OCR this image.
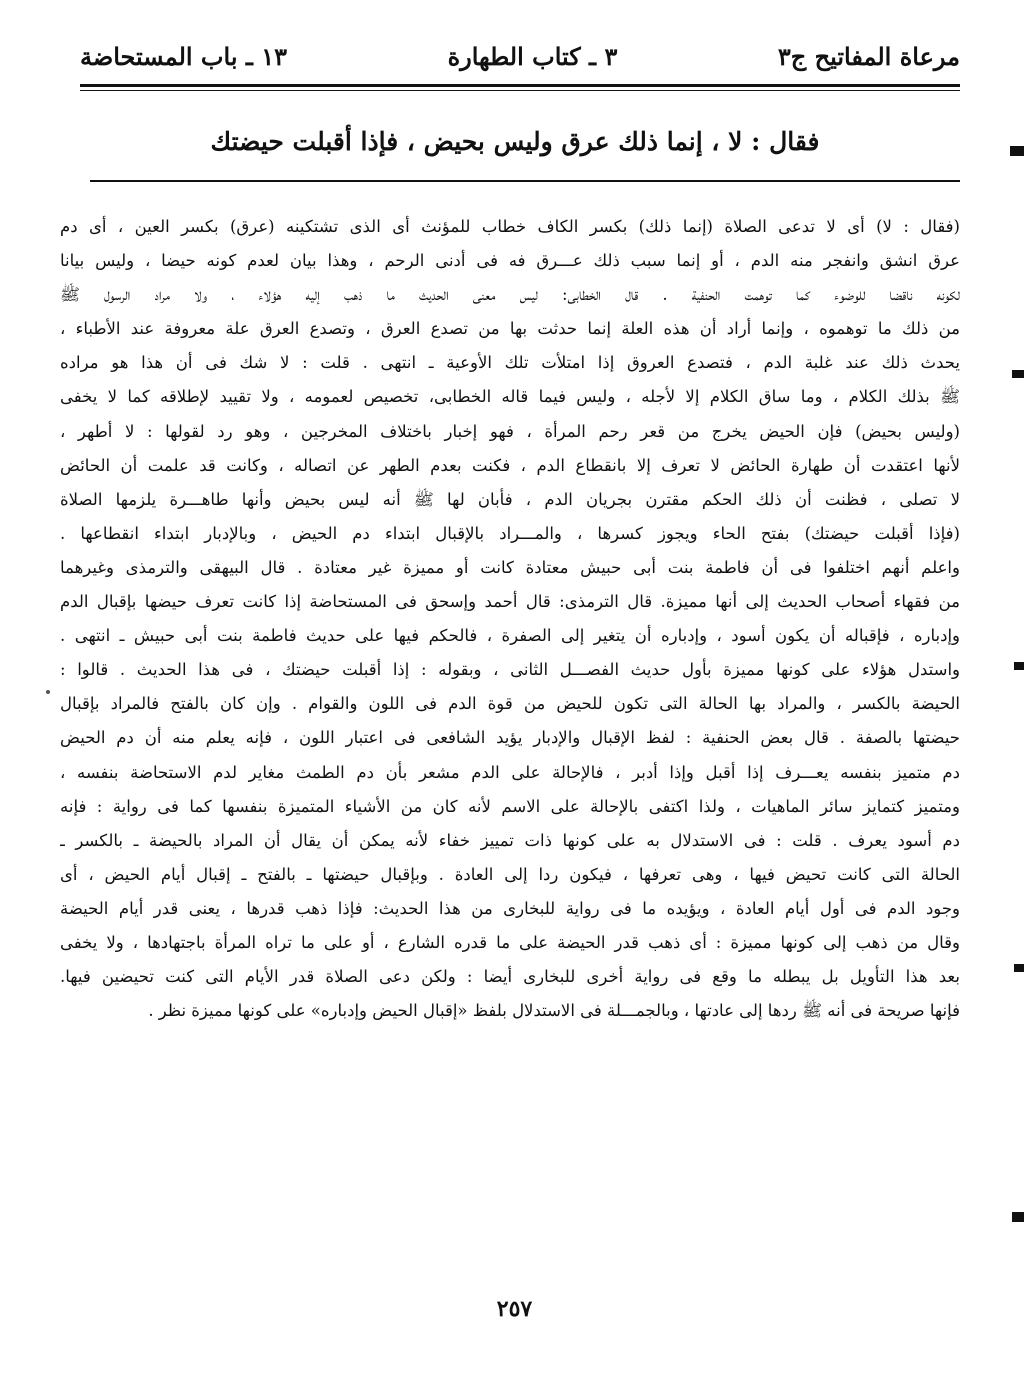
مرعاة المفاتيح ج٣
٣ ـ كتاب الطهارة
١٣ ـ باب المستحاضة
فقال : لا ، إنما ذلك عرق وليس بحيض ، فإذا أقبلت حيضتك
(فقال : لا) أى لا تدعى الصلاة (إنما ذلك) بكسر الكاف خطاب للمؤنث أى الذى تشتكينه (عرق) بكسر العين ، أى دم
عرق انشق وانفجر منه الدم ، أو إنما سبب ذلك عـــرق فه فى أدنى الرحم ، وهذا بيان لعدم كونه حيضا ، وليس بيانا
لكونه ناقضا للوضوء كما توهمت الحنفية . قال الخطابى: ليس معنى الحديث ما ذهب إليه هؤلاء ، ولا مراد الرسول ﷺ
من ذلك ما توهموه ، وإنما أراد أن هذه العلة إنما حدثت بها من تصدع العرق ، وتصدع العرق علة معروفة عند الأطباء ،
يحدث ذلك عند غلبة الدم ، فتصدع العروق إذا امتلأت تلك الأوعية ـ انتهى . قلت : لا شك فى أن هذا هو مراده
ﷺ بذلك الكلام ، وما ساق الكلام إلا لأجله ، وليس فيما قاله الخطابى، تخصيص لعمومه ، ولا تقييد لإطلاقه كما لا يخفى
(وليس بحيض) فإن الحيض يخرج من قعر رحم المرأة ، فهو إخبار باختلاف المخرجين ، وهو رد لقولها : لا أطهر ،
لأنها اعتقدت أن طهارة الحائض لا تعرف إلا بانقطاع الدم ، فكنت بعدم الطهر عن اتصاله ، وكانت قد علمت أن الحائض
لا تصلى ، فظنت أن ذلك الحكم مقترن بجريان الدم ، فأبان لها ﷺ أنه ليس بحيض وأنها طاهـــرة يلزمها الصلاة
(فإذا أقبلت حيضتك) بفتح الحاء ويجوز كسرها ، والمـــراد بالإقبال ابتداء دم الحيض ، وبالإدبار ابتداء انقطاعها .
واعلم أنهم اختلفوا فى أن فاطمة بنت أبى حبيش معتادة كانت أو مميزة غير معتادة . قال البيهقى والترمذى وغيرهما
من فقهاء أصحاب الحديث إلى أنها مميزة. قال الترمذى: قال أحمد وإسحق فى المستحاضة إذا كانت تعرف حيضها بإقبال الدم
وإدباره ، فإقباله أن يكون أسود ، وإدباره أن يتغير إلى الصفرة ، فالحكم فيها على حديث فاطمة بنت أبى حبيش ـ انتهى .
واستدل هؤلاء على كونها مميزة بأول حديث الفصـــل الثانى ، وبقوله : إذا أقبلت حيضتك ، فى هذا الحديث . قالوا :
الحيضة بالكسر ، والمراد بها الحالة التى تكون للحيض من قوة الدم فى اللون والقوام . وإن كان بالفتح فالمراد بإقبال
حيضتها بالصفة . قال بعض الحنفية : لفظ الإقبال والإدبار يؤيد الشافعى فى اعتبار اللون ، فإنه يعلم منه أن دم الحيض
دم متميز بنفسه يعـــرف إذا أقبل وإذا أدبر ، فالإحالة على الدم مشعر بأن دم الطمث مغاير لدم الاستحاضة بنفسه ،
ومتميز كتمايز سائر الماهيات ، ولذا اكتفى بالإحالة على الاسم لأنه كان من الأشياء المتميزة بنفسها كما فى رواية : فإنه
دم أسود يعرف . قلت : فى الاستدلال به على كونها ذات تمييز خفاء لأنه يمكن أن يقال أن المراد بالحيضة ـ بالكسر ـ
الحالة التى كانت تحيض فيها ، وهى تعرفها ، فيكون ردا إلى العادة . وبإقبال حيضتها ـ بالفتح ـ إقبال أيام الحيض ، أى
وجود الدم فى أول أيام العادة ، ويؤيده ما فى رواية للبخارى من هذا الحديث: فإذا ذهب قدرها ، يعنى قدر أيام الحيضة
وقال من ذهب إلى كونها مميزة : أى ذهب قدر الحيضة على ما قدره الشارع ، أو على ما تراه المرأة باجتهادها ، ولا يخفى
بعد هذا التأويل بل يبطله ما وقع فى رواية أخرى للبخارى أيضا : ولكن دعى الصلاة قدر الأيام التى كنت تحيضين فيها.
فإنها صريحة فى أنه ﷺ ردها إلى عادتها ، وبالجمـــلة فى الاستدلال بلفظ «إقبال الحيض وإدباره» على كونها مميزة نظر .
٢٥٧
